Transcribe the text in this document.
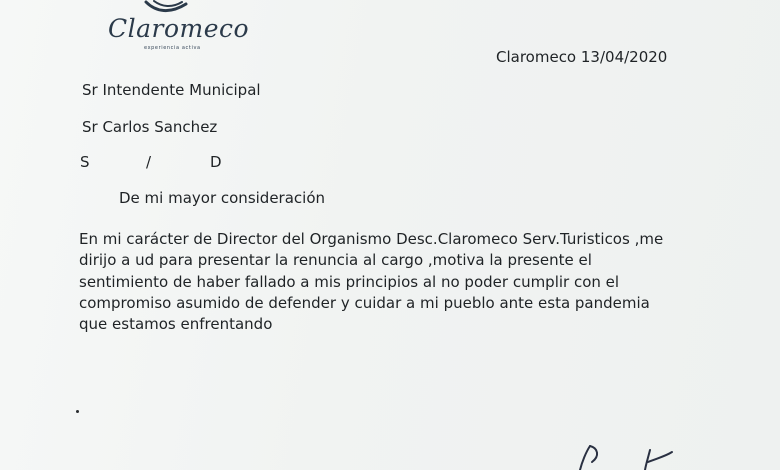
Claromeco
experiencia activa	Claromeco 13/04/2020
Sr Intendente Municipal
Sr Carlos Sanchez
S	/	D
De mi mayor consideración
En mi carácter de Director del Organismo Desc.Claromeco Serv.Turisticos ,me
dirijo a ud para presentar la renuncia al cargo ,motiva la presente el
sentimiento de haber fallado a mis principios al no poder cumplir con el
compromiso asumido de defender y cuidar a mi pueblo ante esta pandemia
que estamos enfrentando
